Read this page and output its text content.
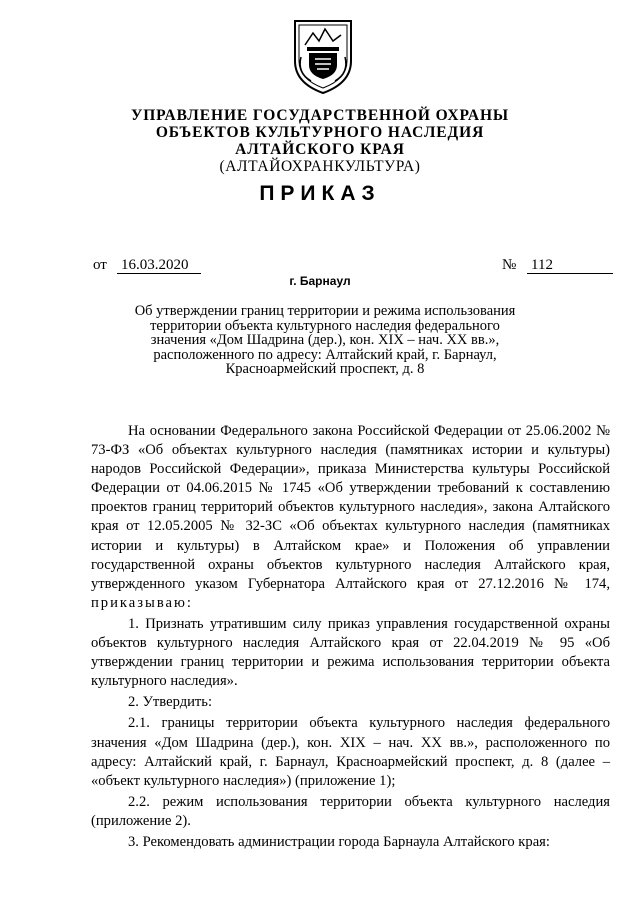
УПРАВЛЕНИЕ ГОСУДАРСТВЕННОЙ ОХРАНЫ
ОБЪЕКТОВ КУЛЬТУРНОГО НАСЛЕДИЯ
АЛТАЙСКОГО КРАЯ
(АЛТАЙОХРАНКУЛЬТУРА)
ПРИКАЗ
от 16.03.2020	№ 112
г. Барнаул
Об утверждении границ территории и режима использования территории объекта культурного наследия федерального значения «Дом Шадрина (дер.), кон. XIX – нач. XX вв.», расположенного по адресу: Алтайский край, г. Барнаул, Красноармейский проспект, д. 8

На основании Федерального закона Российской Федерации от 25.06.2002 № 73-ФЗ «Об объектах культурного наследия (памятниках истории и культуры) народов Российской Федерации», приказа Министерства культуры Российской Федерации от 04.06.2015 № 1745 «Об утверждении требований к составлению проектов границ территорий объектов культурного наследия», закона Алтайского края от 12.05.2005 № 32-ЗС «Об объектах культурного наследия (памятниках истории и культуры) в Алтайском крае» и Положения об управлении государственной охраны объектов культурного наследия Алтайского края, утвержденного указом Губернатора Алтайского края от 27.12.2016 № 174, приказываю:

1. Признать утратившим силу приказ управления государственной охраны объектов культурного наследия Алтайского края от 22.04.2019 № 95 «Об утверждении границ территории и режима использования территории объекта культурного наследия».

2. Утвердить:

2.1. границы территории объекта культурного наследия федерального значения «Дом Шадрина (дер.), кон. XIX – нач. XX вв.», расположенного по адресу: Алтайский край, г. Барнаул, Красноармейский проспект, д. 8 (далее – «объект культурного наследия») (приложение 1);

2.2. режим использования территории объекта культурного наследия (приложение 2).

3. Рекомендовать администрации города Барнаула Алтайского края:
